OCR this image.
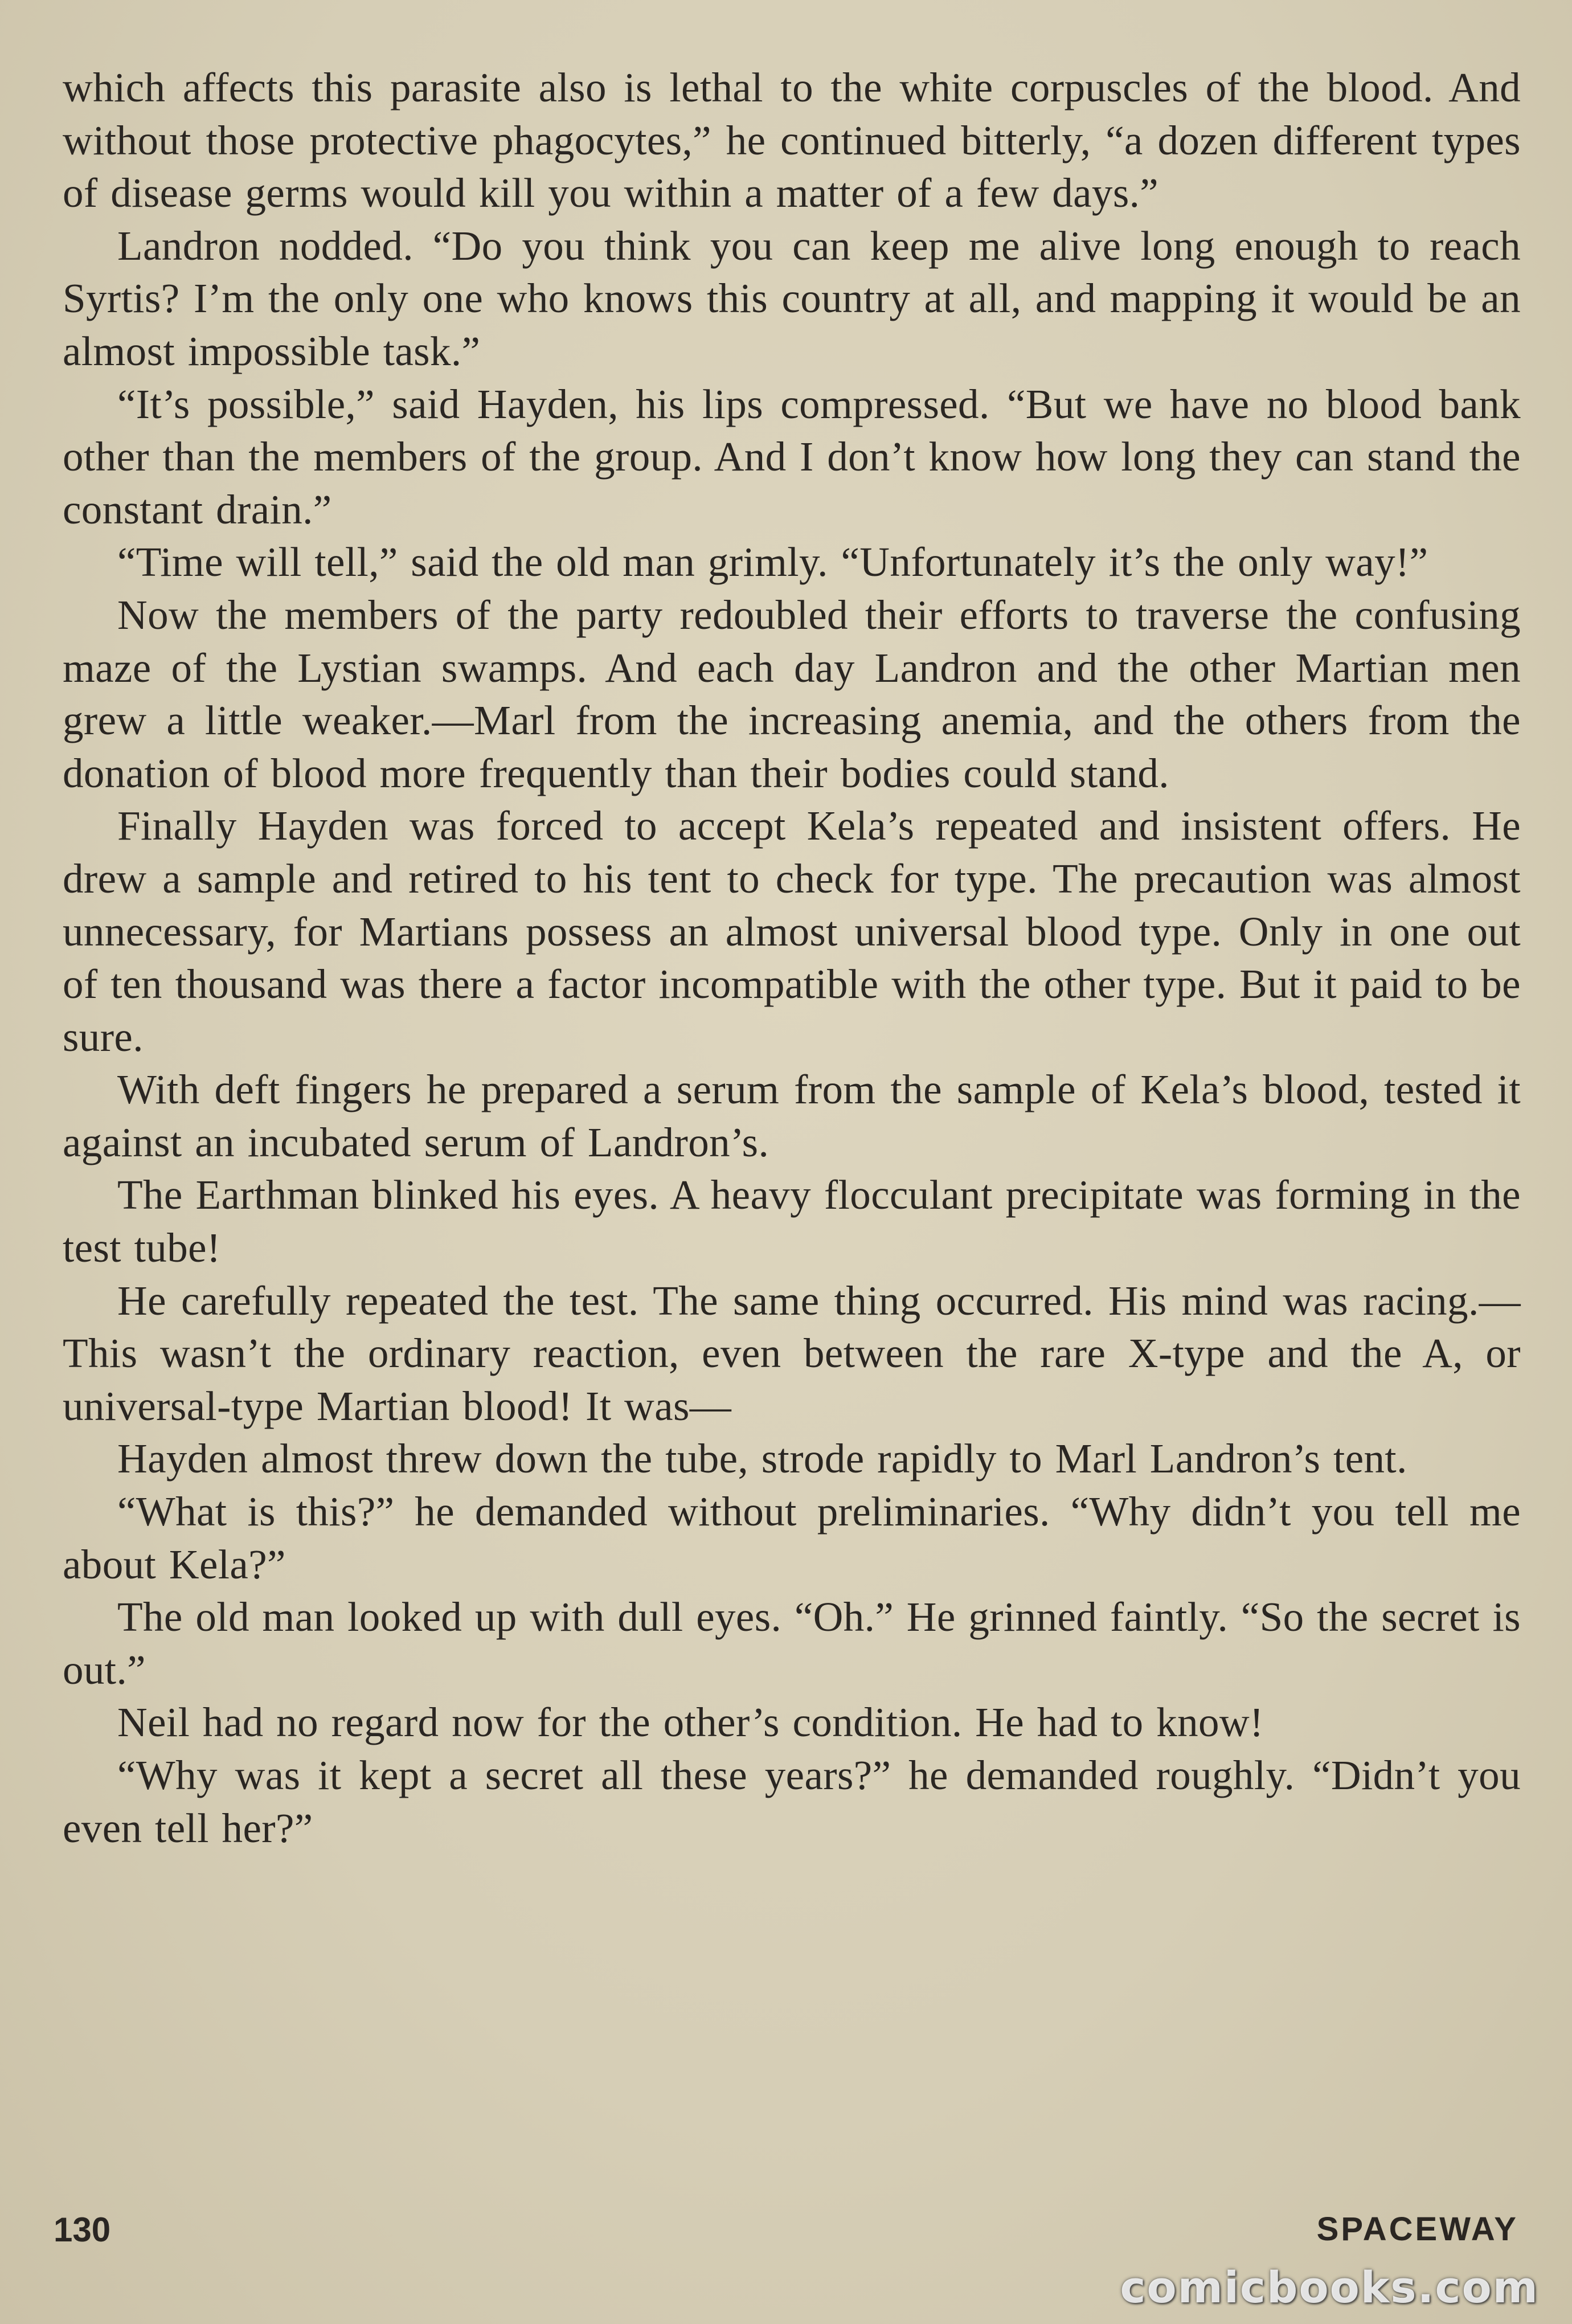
which affects this parasite also is lethal to the white corpuscles of the blood. And without those protective phagocytes,” he continued bitterly, “a dozen different types of disease germs would kill you within a matter of a few days.”

Landron nodded. “Do you think you can keep me alive long enough to reach Syrtis? I’m the only one who knows this country at all, and mapping it would be an almost impossible task.”

“It’s possible,” said Hayden, his lips compressed. “But we have no blood bank other than the members of the group. And I don’t know how long they can stand the constant drain.”

“Time will tell,” said the old man grimly. “Unfortunately it’s the only way!”

Now the members of the party redoubled their efforts to traverse the confusing maze of the Lystian swamps. And each day Landron and the other Martian men grew a little weaker.—Marl from the increasing anemia, and the others from the donation of blood more frequently than their bodies could stand.

Finally Hayden was forced to accept Kela’s repeated and insistent offers. He drew a sample and retired to his tent to check for type. The precaution was almost unnecessary, for Martians possess an almost universal blood type. Only in one out of ten thousand was there a factor incompatible with the other type. But it paid to be sure.

With deft fingers he prepared a serum from the sample of Kela’s blood, tested it against an incubated serum of Landron’s.

The Earthman blinked his eyes. A heavy flocculant precipitate was forming in the test tube!

He carefully repeated the test. The same thing occurred. His mind was racing.—This wasn’t the ordinary reaction, even between the rare X-type and the A, or universal-type Martian blood! It was—

Hayden almost threw down the tube, strode rapidly to Marl Landron’s tent.

“What is this?” he demanded without preliminaries. “Why didn’t you tell me about Kela?”

The old man looked up with dull eyes. “Oh.” He grinned faintly. “So the secret is out.”

Neil had no regard now for the other’s condition. He had to know!

“Why was it kept a secret all these years?” he demanded roughly. “Didn’t you even tell her?”

130	SPACEWAY
comicbooks.com
